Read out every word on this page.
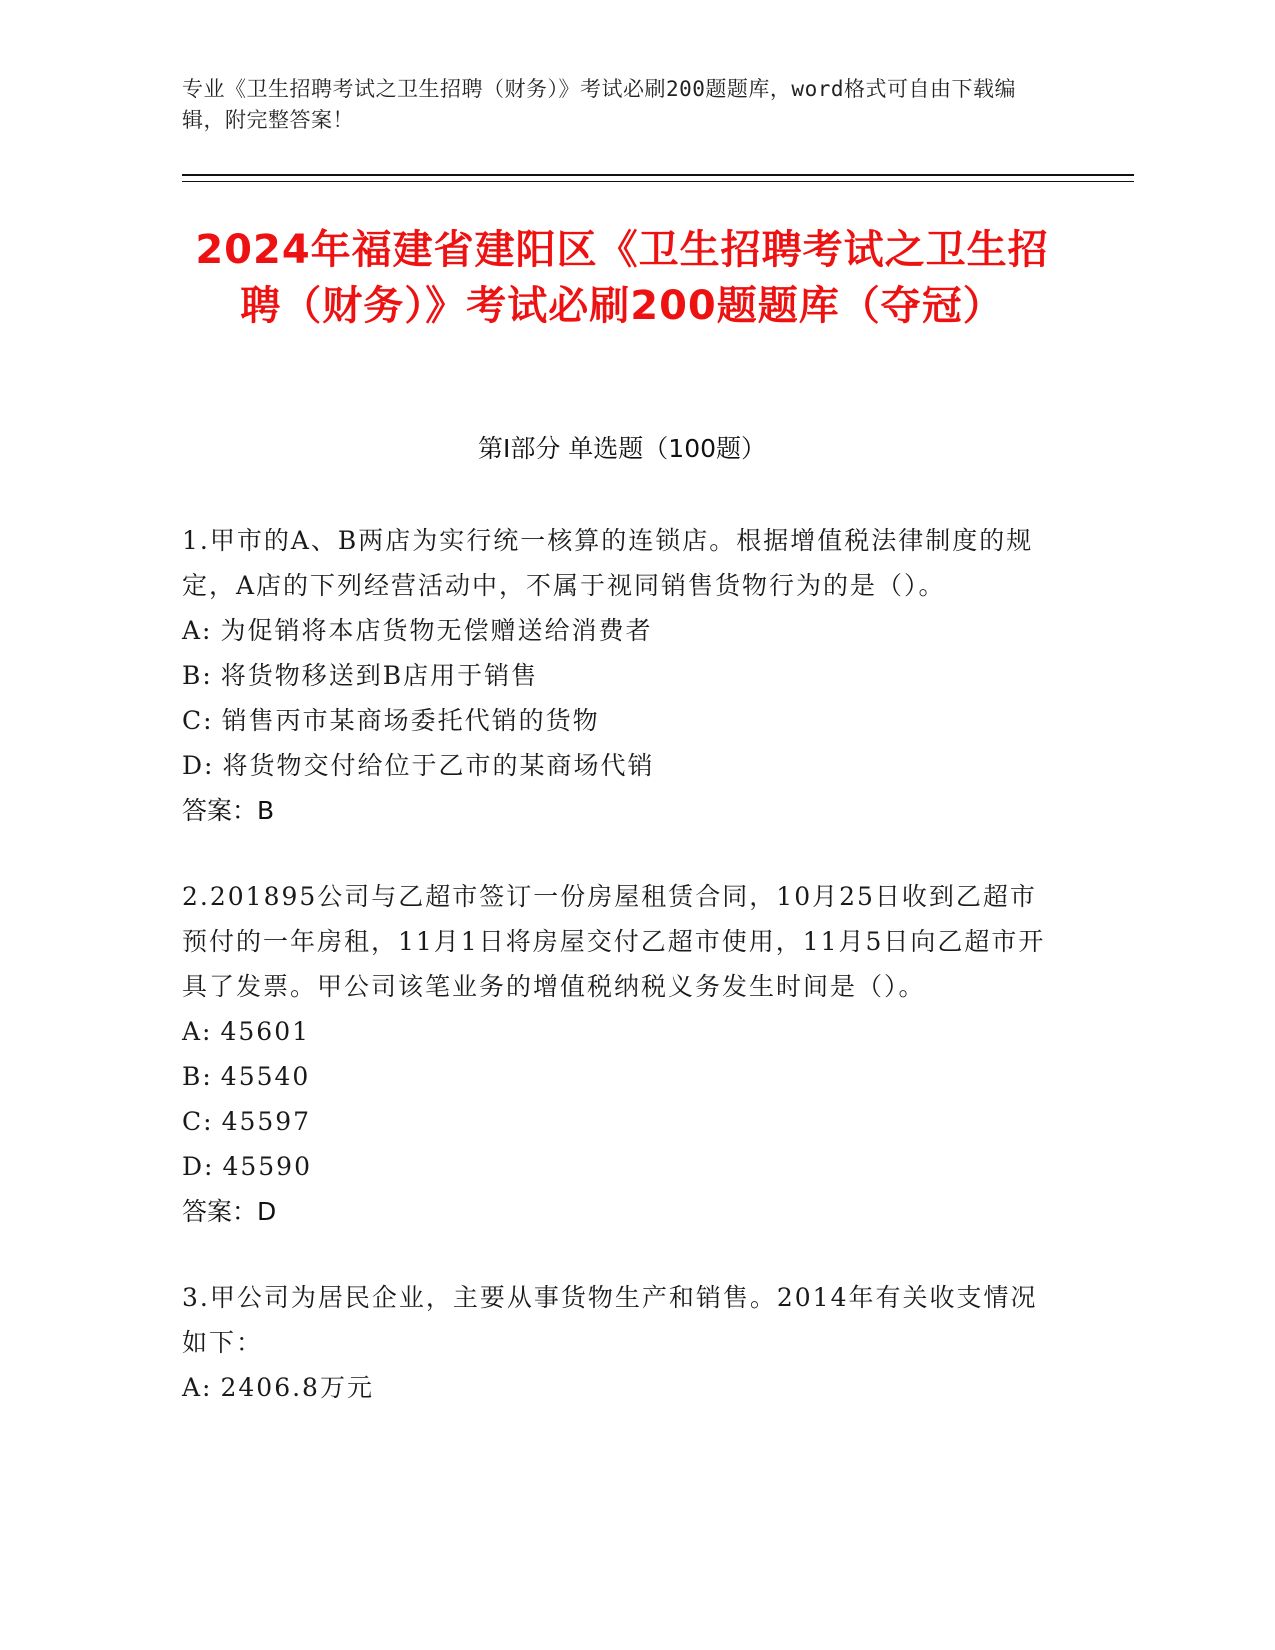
专业《卫生招聘考试之卫生招聘（财务）》考试必刷200题题库，word格式可自由下载编辑，附完整答案！
2024年福建省建阳区《卫生招聘考试之卫生招聘（财务）》考试必刷200题题库（夺冠）
第I部分 单选题（100题）
1.甲市的A、B两店为实行统一核算的连锁店。根据增值税法律制度的规定，A店的下列经营活动中，不属于视同销售货物行为的是（）。
A: 为促销将本店货物无偿赠送给消费者
B: 将货物移送到B店用于销售
C: 销售丙市某商场委托代销的货物
D: 将货物交付给位于乙市的某商场代销
答案：B
2.201895公司与乙超市签订一份房屋租赁合同，10月25日收到乙超市预付的一年房租，11月1日将房屋交付乙超市使用，11月5日向乙超市开具了发票。甲公司该笔业务的增值税纳税义务发生时间是（）。
A: 45601
B: 45540
C: 45597
D: 45590
答案：D
3.甲公司为居民企业，主要从事货物生产和销售。2014年有关收支情况如下：
A: 2406.8万元
